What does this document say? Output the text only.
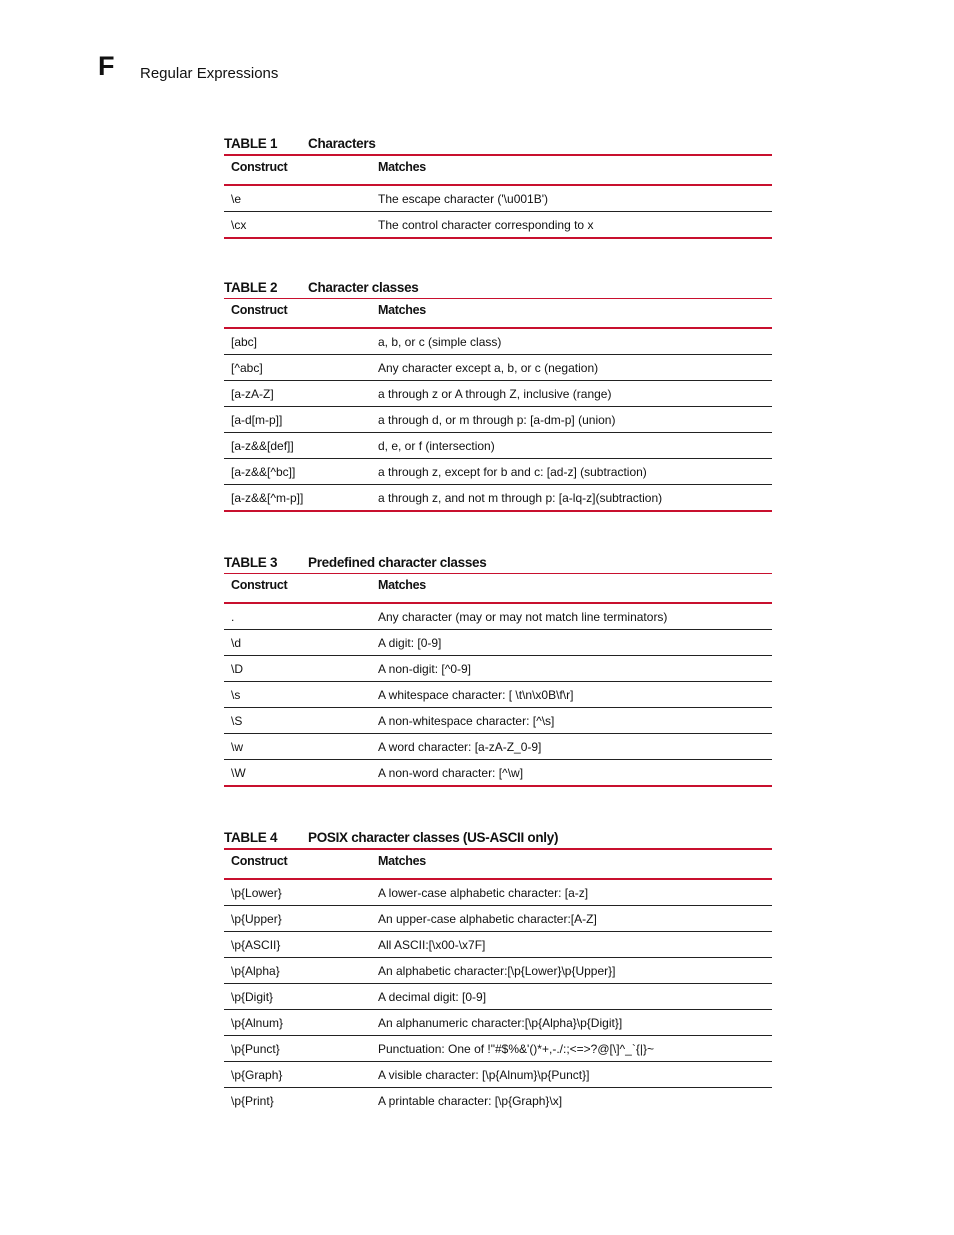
F Regular Expressions
TABLE 1 Characters
Construct	Matches
\e	The escape character ('\u001B')
\cx	The control character corresponding to x
TABLE 2 Character classes
Construct	Matches
[abc]	a, b, or c (simple class)
[^abc]	Any character except a, b, or c (negation)
[a-zA-Z]	a through z or A through Z, inclusive (range)
[a-d[m-p]]	a through d, or m through p: [a-dm-p] (union)
[a-z&&[def]]	d, e, or f (intersection)
[a-z&&[^bc]]	a through z, except for b and c: [ad-z] (subtraction)
[a-z&&[^m-p]]	a through z, and not m through p: [a-lq-z](subtraction)
TABLE 3 Predefined character classes
Construct	Matches
.	Any character (may or may not match line terminators)
\d	A digit: [0-9]
\D	A non-digit: [^0-9]
\s	A whitespace character: [ \t\n\x0B\f\r]
\S	A non-whitespace character: [^\s]
\w	A word character: [a-zA-Z_0-9]
\W	A non-word character: [^\w]
TABLE 4 POSIX character classes (US-ASCII only)
Construct	Matches
\p{Lower}	A lower-case alphabetic character: [a-z]
\p{Upper}	An upper-case alphabetic character:[A-Z]
\p{ASCII}	All ASCII:[\x00-\x7F]
\p{Alpha}	An alphabetic character:[\p{Lower}\p{Upper}]
\p{Digit}	A decimal digit: [0-9]
\p{Alnum}	An alphanumeric character:[\p{Alpha}\p{Digit}]
\p{Punct}	Punctuation: One of !"#$%&'()*+,-./:;<=>?@[\]^_`{|}~
\p{Graph}	A visible character: [\p{Alnum}\p{Punct}]
\p{Print}	A printable character: [\p{Graph}\x]
